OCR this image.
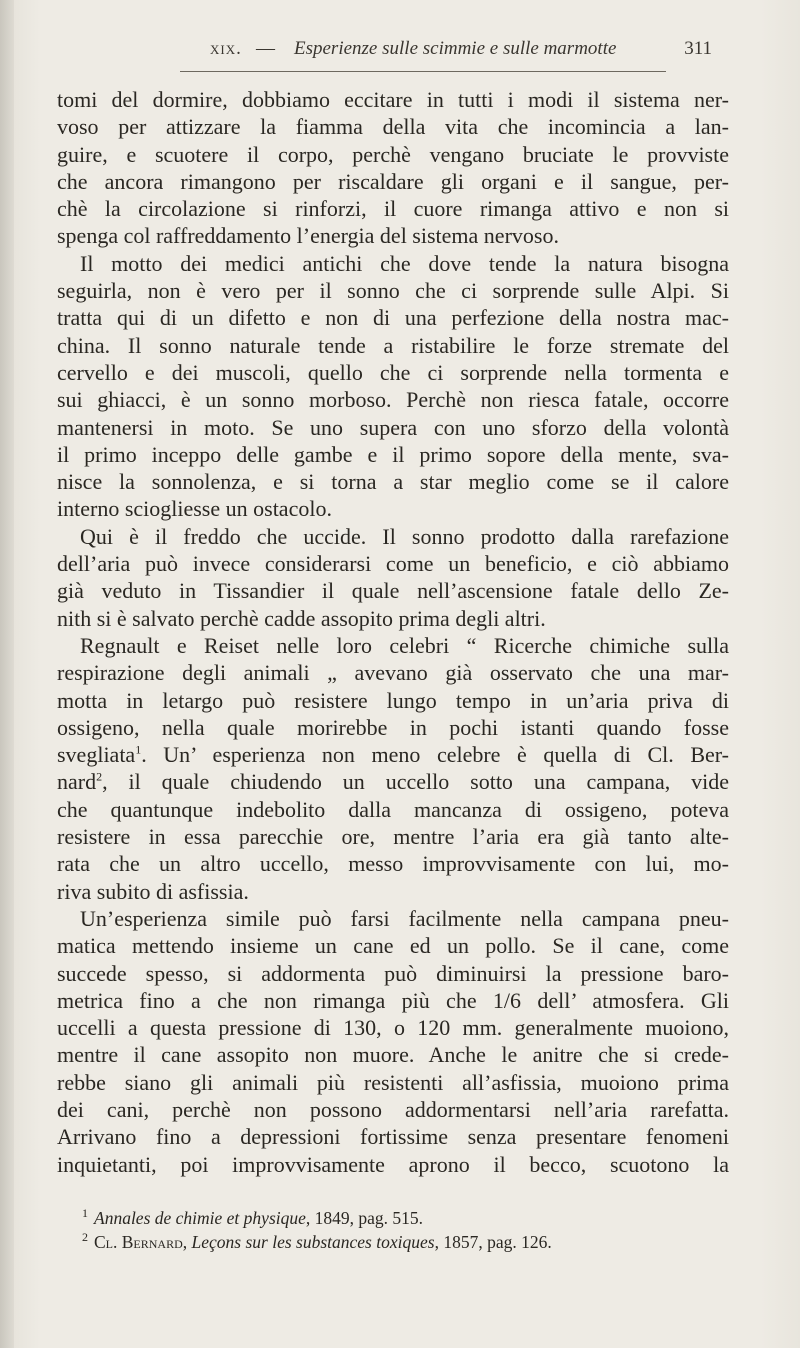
xix. — Esperienze sulle scimmie e sulle marmotte	311
tomi del dormire, dobbiamo eccitare in tutti i modi il sistema ner-
voso per attizzare la fiamma della vita che incomincia a lan-
guire, e scuotere il corpo, perchè vengano bruciate le provviste
che ancora rimangono per riscaldare gli organi e il sangue, per-
chè la circolazione si rinforzi, il cuore rimanga attivo e non si
spenga col raffreddamento l’energia del sistema nervoso.
Il motto dei medici antichi che dove tende la natura bisogna
seguirla, non è vero per il sonno che ci sorprende sulle Alpi. Si
tratta qui di un difetto e non di una perfezione della nostra mac-
china. Il sonno naturale tende a ristabilire le forze stremate del
cervello e dei muscoli, quello che ci sorprende nella tormenta e
sui ghiacci, è un sonno morboso. Perchè non riesca fatale, occorre
mantenersi in moto. Se uno supera con uno sforzo della volontà
il primo inceppo delle gambe e il primo sopore della mente, sva-
nisce la sonnolenza, e si torna a star meglio come se il calore
interno sciogliesse un ostacolo.
Qui è il freddo che uccide. Il sonno prodotto dalla rarefazione
dell’aria può invece considerarsi come un beneficio, e ciò abbiamo
già veduto in Tissandier il quale nell’ascensione fatale dello Ze-
nith si è salvato perchè cadde assopito prima degli altri.
Regnault e Reiset nelle loro celebri “ Ricerche chimiche sulla
respirazione degli animali „ avevano già osservato che una mar-
motta in letargo può resistere lungo tempo in un’aria priva di
ossigeno, nella quale morirebbe in pochi istanti quando fosse
svegliata$^1$. Un’ esperienza non meno celebre è quella di Cl. Ber-
nard$^2$, il quale chiudendo un uccello sotto una campana, vide
che quantunque indebolito dalla mancanza di ossigeno, poteva
resistere in essa parecchie ore, mentre l’aria era già tanto alte-
rata che un altro uccello, messo improvvisamente con lui, mo-
riva subito di asfissia.
Un’esperienza simile può farsi facilmente nella campana pneu-
matica mettendo insieme un cane ed un pollo. Se il cane, come
succede spesso, si addormenta può diminuirsi la pressione baro-
metrica fino a che non rimanga più che 1/6 dell’ atmosfera. Gli
uccelli a questa pressione di 130, o 120 mm. generalmente muoiono,
mentre il cane assopito non muore. Anche le anitre che si crede-
rebbe siano gli animali più resistenti all’asfissia, muoiono prima
dei cani, perchè non possono addormentarsi nell’aria rarefatta.
Arrivano fino a depressioni fortissime senza presentare fenomeni
inquietanti, poi improvvisamente aprono il becco, scuotono la
$^1$ Annales de chimie et physique, 1849, pag. 515.
$^2$ Cl. Bernard, Leçons sur les substances toxiques, 1857, pag. 126.
